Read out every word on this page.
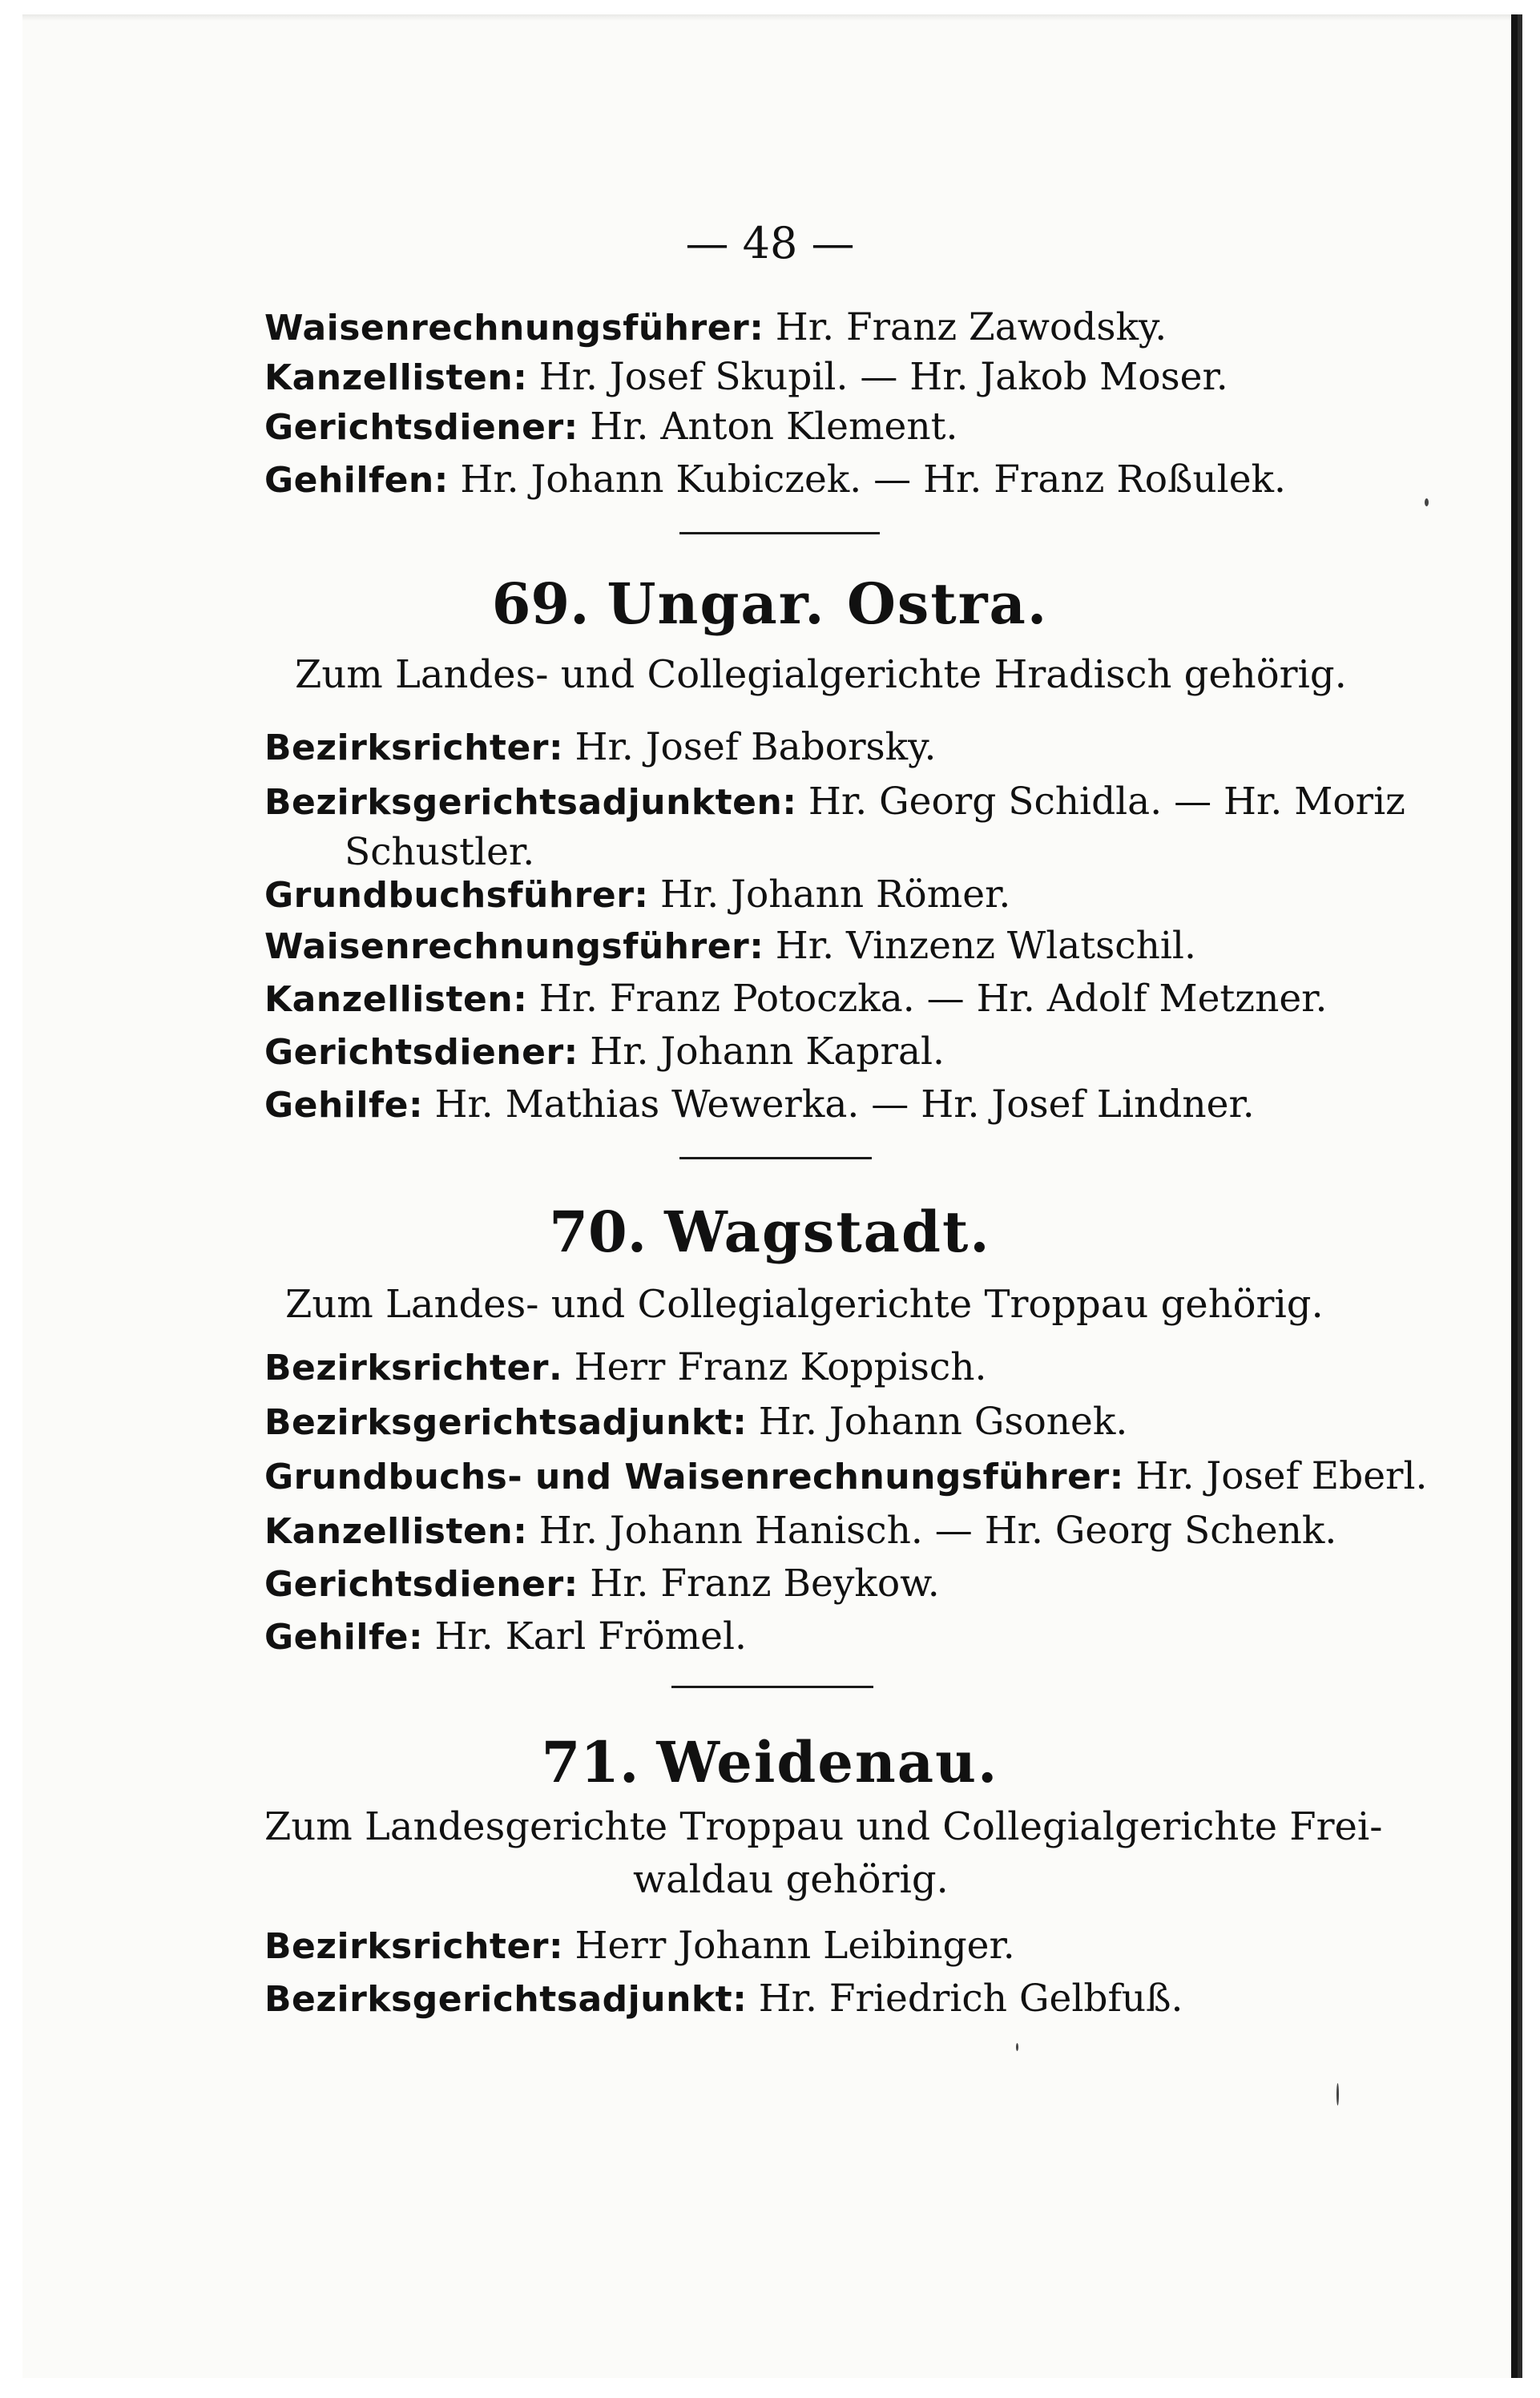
— 48 —
Waisenrechnungsführer: Hr. Franz Zawodsky.
Kanzellisten: Hr. Josef Skupil. — Hr. Jakob Moser.
Gerichtsdiener: Hr. Anton Klement.
Gehilfen: Hr. Johann Kubiczek. — Hr. Franz Roßulek.
69. Ungar. Ostra.
Zum Landes- und Collegialgerichte Hradisch gehörig.
Bezirksrichter: Hr. Josef Baborsky.
Bezirksgerichtsadjunkten: Hr. Georg Schidla. — Hr. Moriz
Schustler.
Grundbuchsführer: Hr. Johann Römer.
Waisenrechnungsführer: Hr. Vinzenz Wlatschil.
Kanzellisten: Hr. Franz Potoczka. — Hr. Adolf Metzner.
Gerichtsdiener: Hr. Johann Kapral.
Gehilfe: Hr. Mathias Wewerka. — Hr. Josef Lindner.
70. Wagstadt.
Zum Landes- und Collegialgerichte Troppau gehörig.
Bezirksrichter. Herr Franz Koppisch.
Bezirksgerichtsadjunkt: Hr. Johann Gsonek.
Grundbuchs- und Waisenrechnungsführer: Hr. Josef Eberl.
Kanzellisten: Hr. Johann Hanisch. — Hr. Georg Schenk.
Gerichtsdiener: Hr. Franz Beykow.
Gehilfe: Hr. Karl Frömel.
71. Weidenau.
Zum Landesgerichte Troppau und Collegialgerichte Frei-
waldau gehörig.
Bezirksrichter: Herr Johann Leibinger.
Bezirksgerichtsadjunkt: Hr. Friedrich Gelbfuß.
